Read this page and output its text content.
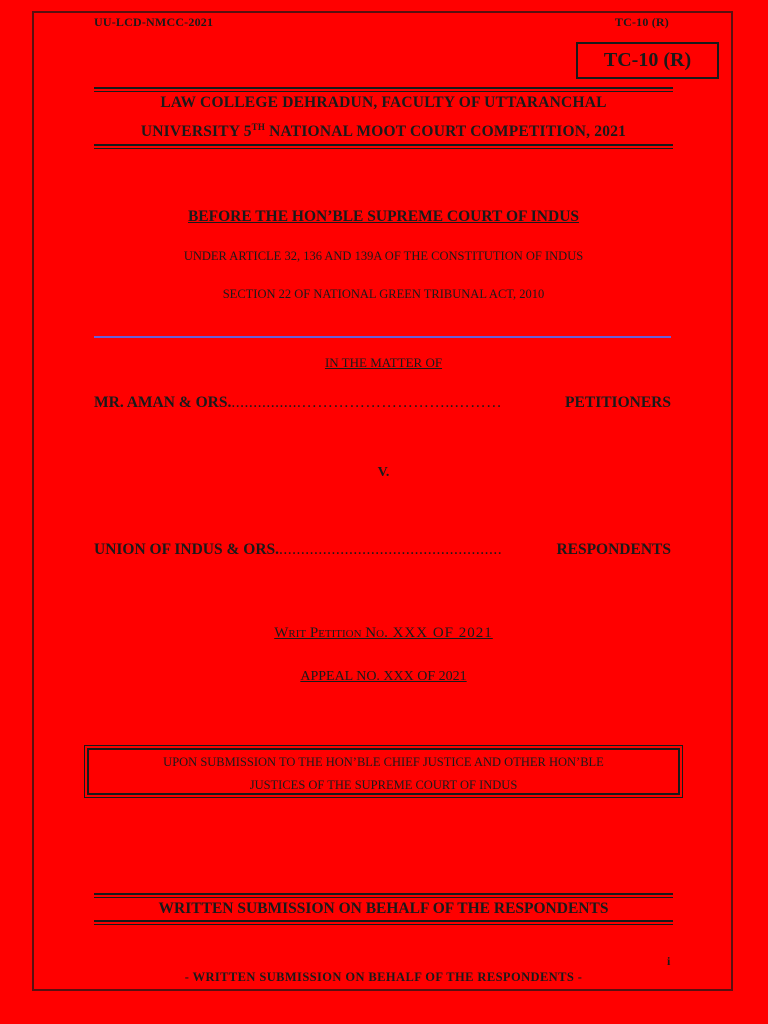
UU-LCD-NMCC-2021	TC-10 (R)
TC-10 (R)
LAW COLLEGE DEHRADUN, FACULTY OF UTTARANCHAL
UNIVERSITY 5TH NATIONAL MOOT COURT COMPETITION, 2021
BEFORE THE HON’BLE SUPREME COURT OF INDUS
UNDER ARTICLE 32, 136 AND 139A OF THE CONSTITUTION OF INDUS
SECTION 22 OF NATIONAL GREEN TRIBUNAL ACT, 2010
IN THE MATTER OF
MR. AMAN & ORS. ................………………………..………	PETITIONERS
V.
UNION OF INDUS & ORS. ...................................................	RESPONDENTS
Writ Petition No. XXX OF 2021
APPEAL NO. XXX OF 2021
UPON SUBMISSION TO THE HON’BLE CHIEF JUSTICE AND OTHER HON’BLE
JUSTICES OF THE SUPREME COURT OF INDUS
WRITTEN SUBMISSION ON BEHALF OF THE RESPONDENTS
i
- WRITTEN SUBMISSION ON BEHALF OF THE RESPONDENTS -
